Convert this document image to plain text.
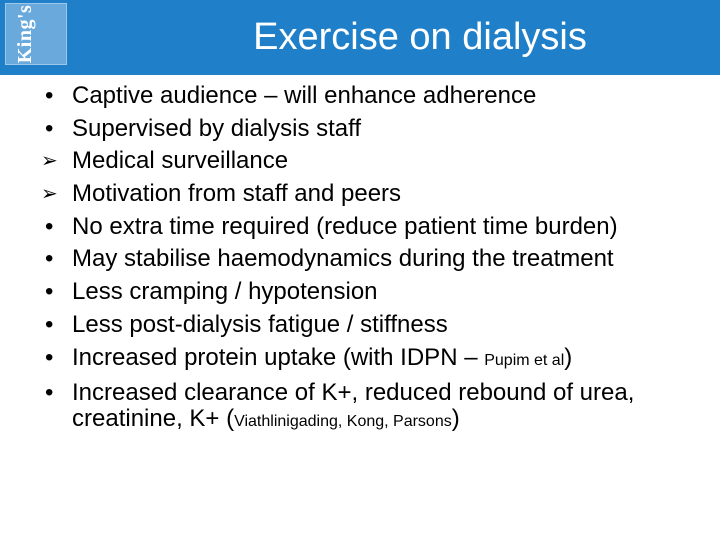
King's	Exercise on dialysis
• Captive audience – will enhance adherence
• Supervised by dialysis staff
➢ Medical surveillance
➢ Motivation from staff and peers
• No extra time required (reduce patient time burden)
• May stabilise haemodynamics during the treatment
• Less cramping / hypotension
• Less post-dialysis fatigue / stiffness
• Increased protein uptake (with IDPN – Pupim et al)
• Increased clearance of K+, reduced rebound of urea, creatinine, K+ (Viathlinigading, Kong, Parsons)
